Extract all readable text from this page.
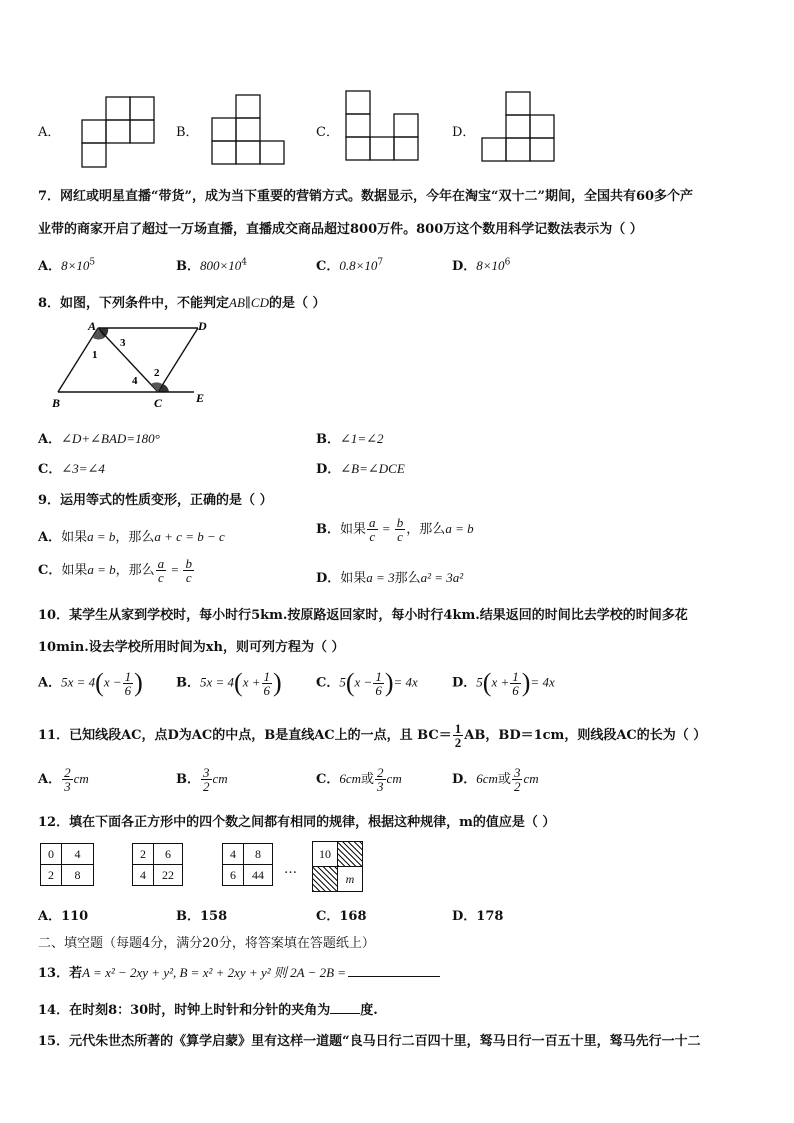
A．	B．	C．	D．
7．网红或明星直播“带货”，成为当下重要的营销方式。数据显示，今年在淘宝“双十二”期间，全国共有60多个产
业带的商家开启了超过一万场直播，直播成交商品超过800万件。800万这个数用科学记数法表示为（ ）
A．$8\times 10^5$	B．$800\times 10^4$	C．$0.8\times 10^7$	D．$8\times 10^6$
8．如图，下列条件中，不能判定AB∥CD的是（ ）
A	D
B	C	E
1
3
2
4
A．∠D+∠BAD=180°	B．∠1=∠2
C．∠3=∠4	D．∠B=∠DCE
9．运用等式的性质变形，正确的是（ ）
A．如果a = b，那么a + c = b − c	B．如果 $\frac{a}{c} = \frac{b}{c}$ ，那么a = b
C．如果a = b，那么 $\frac{a}{c} = \frac{b}{c}$	D．如果a = 3那么a² = 3a²
10．某学生从家到学校时，每小时行5km.按原路返回家时，每小时行4km.结果返回的时间比去学校的时间多花
10min.设去学校所用时间为xh，则可列方程为（ ）
A．$5x = 4(x - \frac{1}{6}$ )	B．$5x = 4(x + \frac{1}{6}$ )	C．$5(x - \frac{1}{6}$ )= 4x	D．$5(x + \frac{1}{6}$ )= 4x
11．已知线段AC，点D为AC的中点，B是直线AC上的一点，且 $BC= \frac{1}{2}$ AB，BD＝1cm，则线段AC的长为（ ）
A． $\frac{2}{3}$ cm	B． $\frac{3}{2}$ cm	C．6cm或 $\frac{2}{3}$ cm	D．6cm或 $\frac{3}{2}$ cm
12．填在下面各正方形中的四个数之间都有相同的规律，根据这种规律，m的值应是（ ）
0	4
2	8
2	6
4	22
4	8
6	44	…
10
m
A．110	B．158	C．168	D．178
二、填空题（每题4分，满分20分，将答案填在答题纸上）
13．若A = x² − 2xy + y², B = x² + 2xy + y² 则 2A − 2B =
14．在时刻8：30时，时钟上时针和分针的夹角为 度.
15．元代朱世杰所著的《算学启蒙》里有这样一道题“良马日行二百四十里，驽马日行一百五十里，驽马先行一十二
